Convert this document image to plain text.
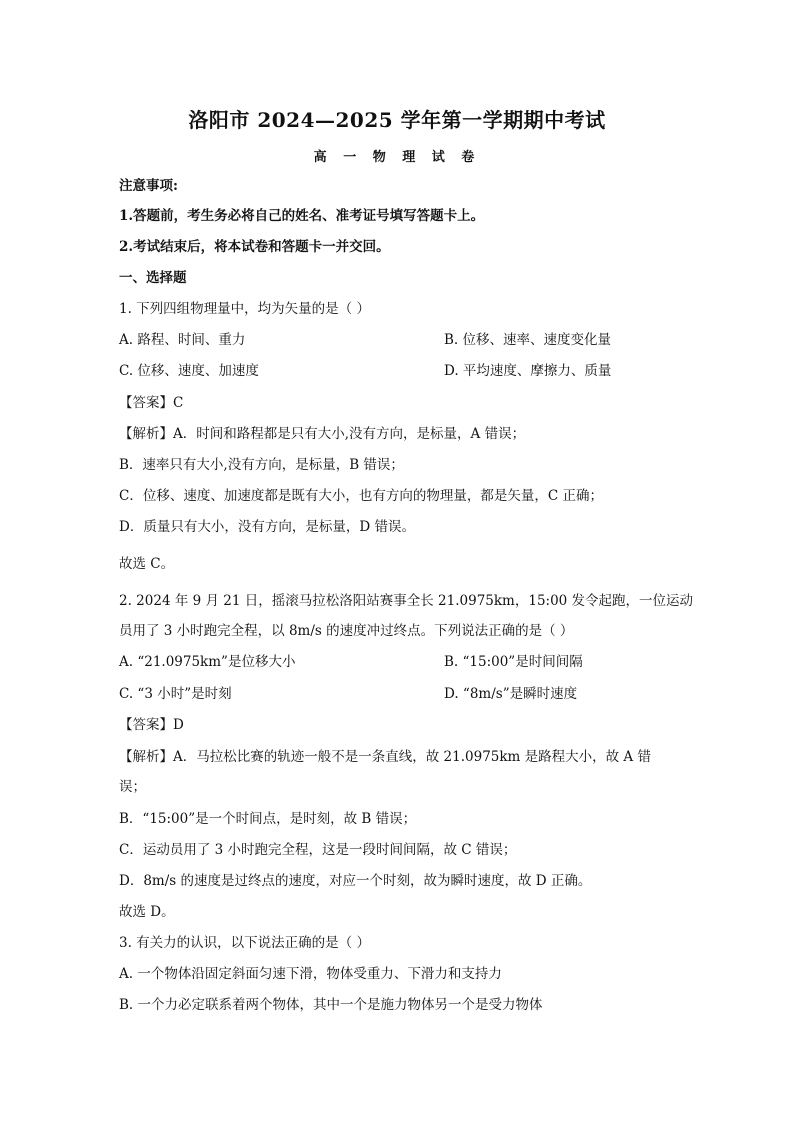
洛阳市 2024—2025 学年第一学期期中考试
高 一 物 理 试 卷
注意事项:
1.答题前，考生务必将自己的姓名、准考证号填写答题卡上。
2.考试结束后，将本试卷和答题卡一并交回。
一、选择题
1. 下列四组物理量中，均为矢量的是（ ）
A. 路程、时间、重力	B. 位移、速率、速度变化量
C. 位移、速度、加速度	D. 平均速度、摩擦力、质量
【答案】C
【解析】A．时间和路程都是只有大小,没有方向，是标量，A 错误；
B．速率只有大小,没有方向，是标量，B 错误；
C．位移、速度、加速度都是既有大小，也有方向的物理量，都是矢量，C 正确；
D．质量只有大小，没有方向，是标量，D 错误。
故选 C。
2. 2024 年 9 月 21 日，摇滚马拉松洛阳站赛事全长 21.0975km，15:00 发令起跑，一位运动
员用了 3 小时跑完全程，以 8m/s 的速度冲过终点。下列说法正确的是（ ）
A. “21.0975km”是位移大小	B. “15:00”是时间间隔
C. “3 小时”是时刻	D. “8m/s”是瞬时速度
【答案】D
【解析】A．马拉松比赛的轨迹一般不是一条直线，故 21.0975km 是路程大小，故 A 错
误；
B．“15:00”是一个时间点，是时刻，故 B 错误；
C．运动员用了 3 小时跑完全程，这是一段时间间隔，故 C 错误；
D．8m/s 的速度是过终点的速度，对应一个时刻，故为瞬时速度，故 D 正确。
故选 D。
3. 有关力的认识，以下说法正确的是（ ）
A. 一个物体沿固定斜面匀速下滑，物体受重力、下滑力和支持力
B. 一个力必定联系着两个物体，其中一个是施力物体另一个是受力物体
